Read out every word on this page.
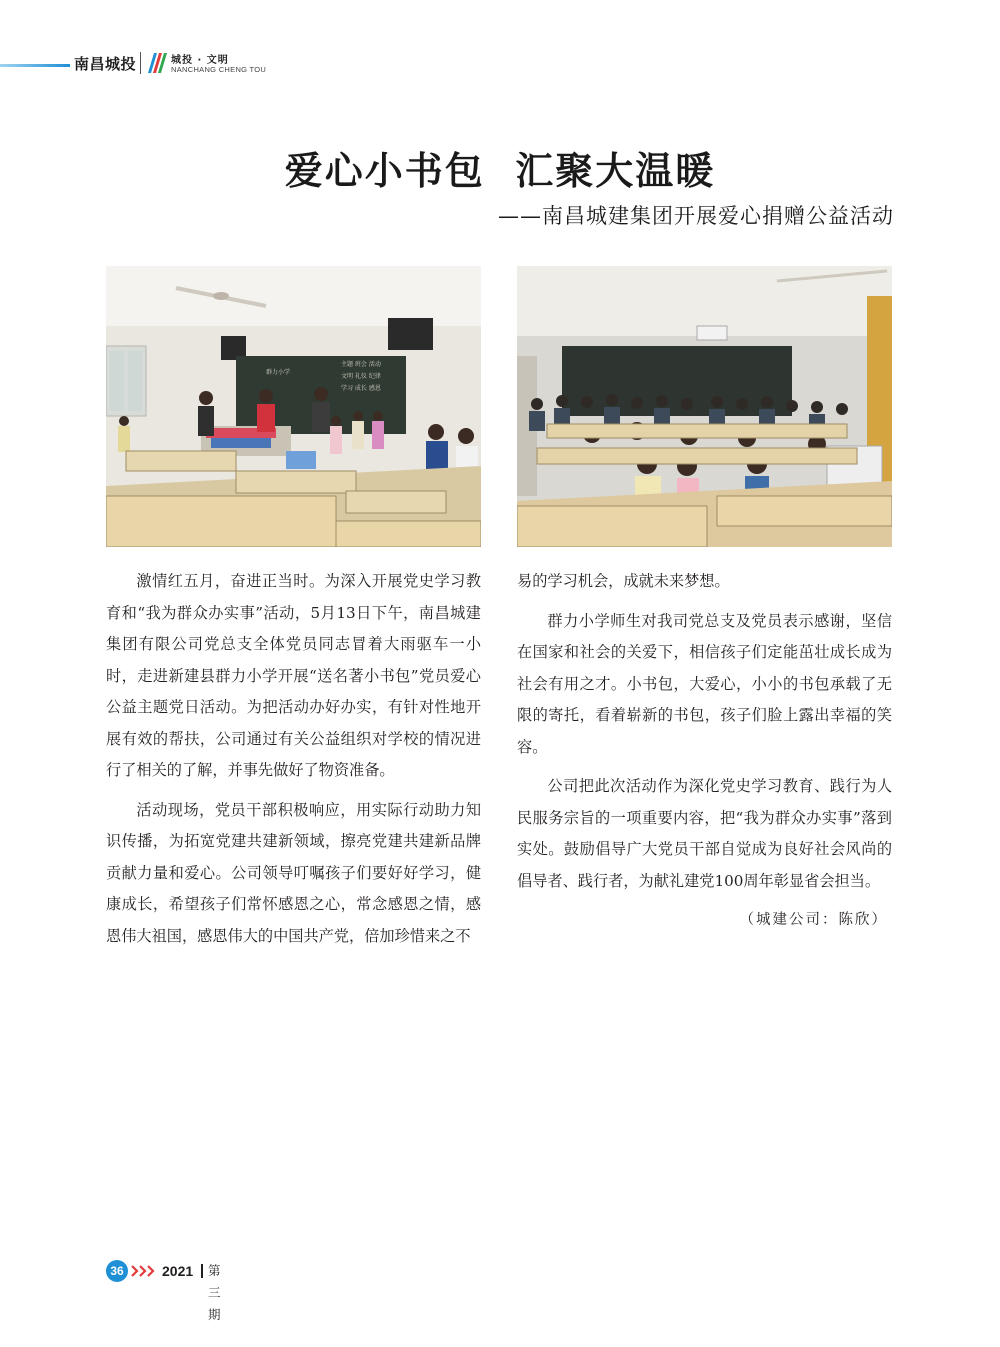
南昌城投	城投 · 文明
NANCHANG CHENG TOU
爱心小书包  汇聚大温暖
——南昌城建集团开展爱心捐赠公益活动
群力小学
主题 班会 活动
文明 礼仪 纪律
学习 成长 感恩

激情红五月，奋进正当时。为深入开展党史学习教育和“我为群众办实事”活动，5月13日下午，南昌城建集团有限公司党总支全体党员同志冒着大雨驱车一小时，走进新建县群力小学开展“送名著小书包”党员爱心公益主题党日活动。为把活动办好办实，有针对性地开展有效的帮扶，公司通过有关公益组织对学校的情况进行了相关的了解，并事先做好了物资准备。

活动现场，党员干部积极响应，用实际行动助力知识传播，为拓宽党建共建新领域，擦亮党建共建新品牌贡献力量和爱心。公司领导叮嘱孩子们要好好学习，健康成长，希望孩子们常怀感恩之心，常念感恩之情，感恩伟大祖国，感恩伟大的中国共产党，倍加珍惜来之不

易的学习机会，成就未来梦想。

群力小学师生对我司党总支及党员表示感谢，坚信在国家和社会的关爱下，相信孩子们定能茁壮成长成为社会有用之才。小书包，大爱心，小小的书包承载了无限的寄托，看着崭新的书包，孩子们脸上露出幸福的笑容。

公司把此次活动作为深化党史学习教育、践行为人民服务宗旨的一项重要内容，把“我为群众办实事”落到实处。鼓励倡导广大党员干部自觉成为良好社会风尚的倡导者、践行者，为献礼建党100周年彰显省会担当。

（城建公司：陈欣）
36	2021 第三期
